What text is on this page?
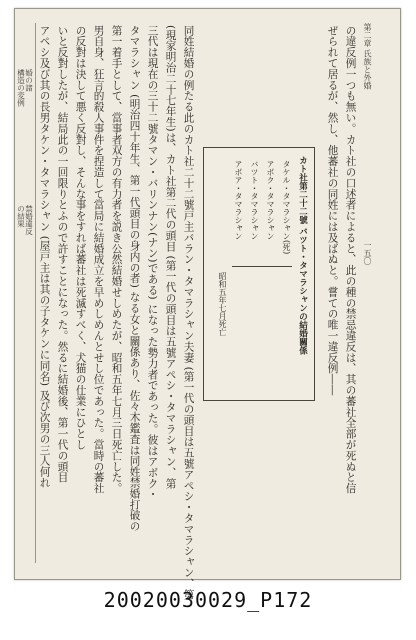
第二章 氏族と外婚
一五〇
の違反例一つも無い。カト社の口述者によると、此の種の禁忌違反は、其の蕃社全部が死ぬと信
ぜられて居るが、然し、他蕃社の同姓には及ばぬと。嘗ての唯一違反例――
カト社第二十二號 バツト・タマラシャンの結婚關係
タケル・タマラシャン(死)
アボク・タマラシャン
バツト・タマラシャン
アボア・タマラシャン
昭和五年七月死亡
同姓結婚の例たる此のカト社二十二號戸主バラン・タマラシャン夫妻 (第一代の頭目は五號アペシ・タマラシャン、第
(現家明治二十七年生)は、カト社第二代の頭目 (第一代の頭目は五號アペシ・タマラシャン、第
三代は現在の三十二號タマン・バリンナン(ナン)である) になった勢力者であった。彼はアボク・
タマラシャン (明治四十年生、第一代頭目の身内の者) なる女と關係あり、佐々木鑑査は同姓禁婚打破の
第一着手として、當事者双方の有力者を説き公然結婚せしめたが、昭和五年七月三日死亡した。
男自身、狂言的殺人事件を捏造して當局に結婚成立を早めしめんとせし位であった。當時の蕃社
の反對は決して悪く反對し、そんな事をすれば蕃社は死滅すべく、犬猫の仕業にひとし
いと反對したが、結局此の一回限りとふので許すことになった。然るに結婚後、第一代の頭目
アペシ及び其の長男タケン・タマラシャン (屋戸主は其の子タケンに同名) 及び次男の三人何れ
婚の諸
構造の変例
禁婚違反
の結果
20020030029_P172
